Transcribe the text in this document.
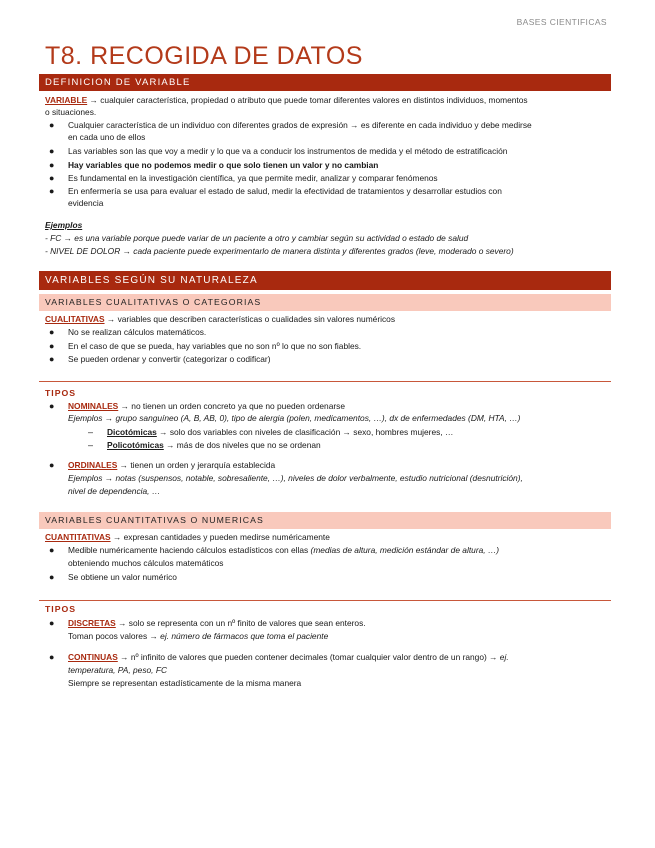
BASES CIENTIFICAS
T8. RECOGIDA DE DATOS
DEFINICION DE VARIABLE
VARIABLE → cualquier característica, propiedad o atributo que puede tomar diferentes valores en distintos individuos, momentos
o situaciones.
● Cualquier característica de un individuo con diferentes grados de expresión → es diferente en cada individuo y debe medirse
en cada uno de ellos
● Las variables son las que voy a medir y lo que va a conducir los instrumentos de medida y el método de estratificación
● Hay variables que no podemos medir o que solo tienen un valor y no cambian
● Es fundamental en la investigación científica, ya que permite medir, analizar y comparar fenómenos
● En enfermería se usa para evaluar el estado de salud, medir la efectividad de tratamientos y desarrollar estudios con
evidencia
Ejemplos
- FC → es una variable porque puede variar de un paciente a otro y cambiar según su actividad o estado de salud
- NIVEL DE DOLOR → cada paciente puede experimentarlo de manera distinta y diferentes grados (leve, moderado o severo)
VARIABLES SEGÚN SU NATURALEZA
VARIABLES CUALITATIVAS O CATEGORIAS
CUALITATIVAS → variables que describen características o cualidades sin valores numéricos
● No se realizan cálculos matemáticos.
● En el caso de que se pueda, hay variables que no son nº lo que no son fiables.
● Se pueden ordenar y convertir (categorizar o codificar)
TIPOS
● NOMINALES → no tienen un orden concreto ya que no pueden ordenarse
Ejemplos → grupo sanguíneo (A, B, AB, 0), tipo de alergia (polen, medicamentos, …), dx de enfermedades (DM, HTA, …)
– Dicotómicas → solo dos variables con niveles de clasificación → sexo, hombres mujeres, …
– Policotómicas → más de dos niveles que no se ordenan
● ORDINALES → tienen un orden y jerarquía establecida
Ejemplos → notas (suspensos, notable, sobresaliente, …), niveles de dolor verbalmente, estudio nutricional (desnutrición),
nivel de dependencia, …
VARIABLES CUANTITATIVAS O NUMERICAS
CUANTITATIVAS → expresan cantidades y pueden medirse numéricamente
● Medible numéricamente haciendo cálculos estadísticos con ellas (medias de altura, medición estándar de altura, …)
obteniendo muchos cálculos matemáticos
● Se obtiene un valor numérico
TIPOS
● DISCRETAS → solo se representa con un nº finito de valores que sean enteros.
Toman pocos valores → ej. número de fármacos que toma el paciente
● CONTINUAS → nº infinito de valores que pueden contener decimales (tomar cualquier valor dentro de un rango) → ej.
temperatura, PA, peso, FC
Siempre se representan estadísticamente de la misma manera
